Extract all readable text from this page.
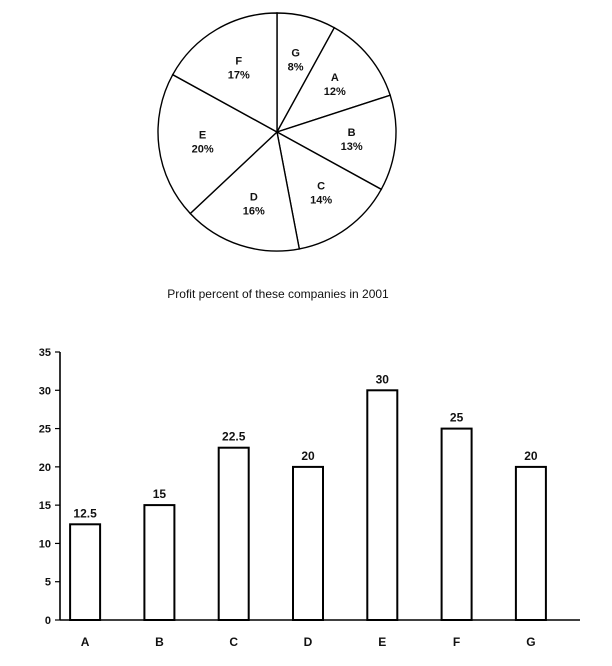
G
8%
A
12%
B
13%
C
14%
D
16%
E
20%
F
17%

Profit percent of these companies in 2001

0
5
10
15
20
25
30
35
12.5
15
22.5
20
30
25
20
A	B	C	D	E	F	G
